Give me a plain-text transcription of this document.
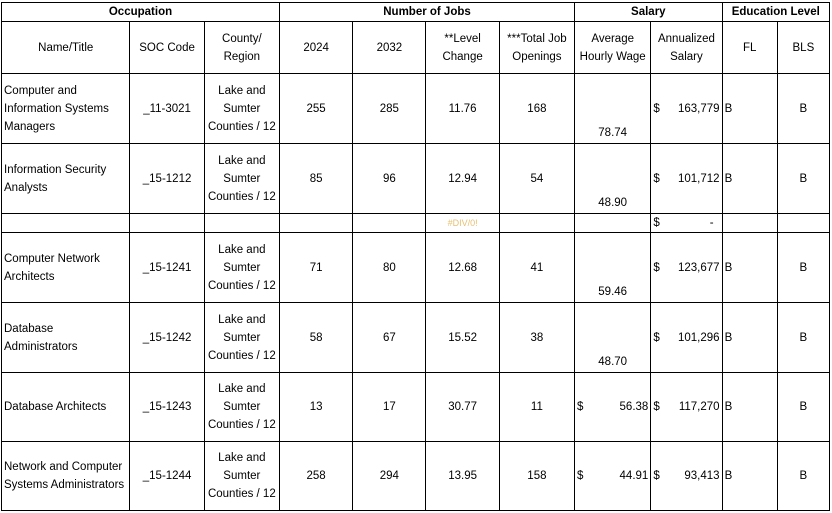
Occupation			Number of Jobs				Salary		Education Level	
Name/Title	SOC Code	County/ Region	2024	2032	**Level Change	***Total Job Openings	Average Hourly Wage	Annualized Salary	FL	BLS
Computer and Information Systems Managers	_11-3021	Lake and Sumter Counties / 12	255	285	11.76	168	78.74	$ 163,779	B	B
Information Security Analysts	_15-1212	Lake and Sumter Counties / 12	85	96	12.94	54	48.90	$ 101,712	B	B
					#DIV/0!			$ -		

Computer Network Architects	_15-1241	Lake and Sumter Counties / 12	71	80	12.68	41	59.46	$ 123,677	B	B
Database Administrators	_15-1242	Lake and Sumter Counties / 12	58	67	15.52	38	48.70	$ 101,296	B	B
Database Architects	_15-1243	Lake and Sumter Counties / 12	13	17	30.77	11	$ 56.38	$ 117,270	B	B
Network and Computer Systems Administrators	_15-1244	Lake and Sumter Counties / 12	258	294	13.95	158	$ 44.91	$ 93,413	B	B
